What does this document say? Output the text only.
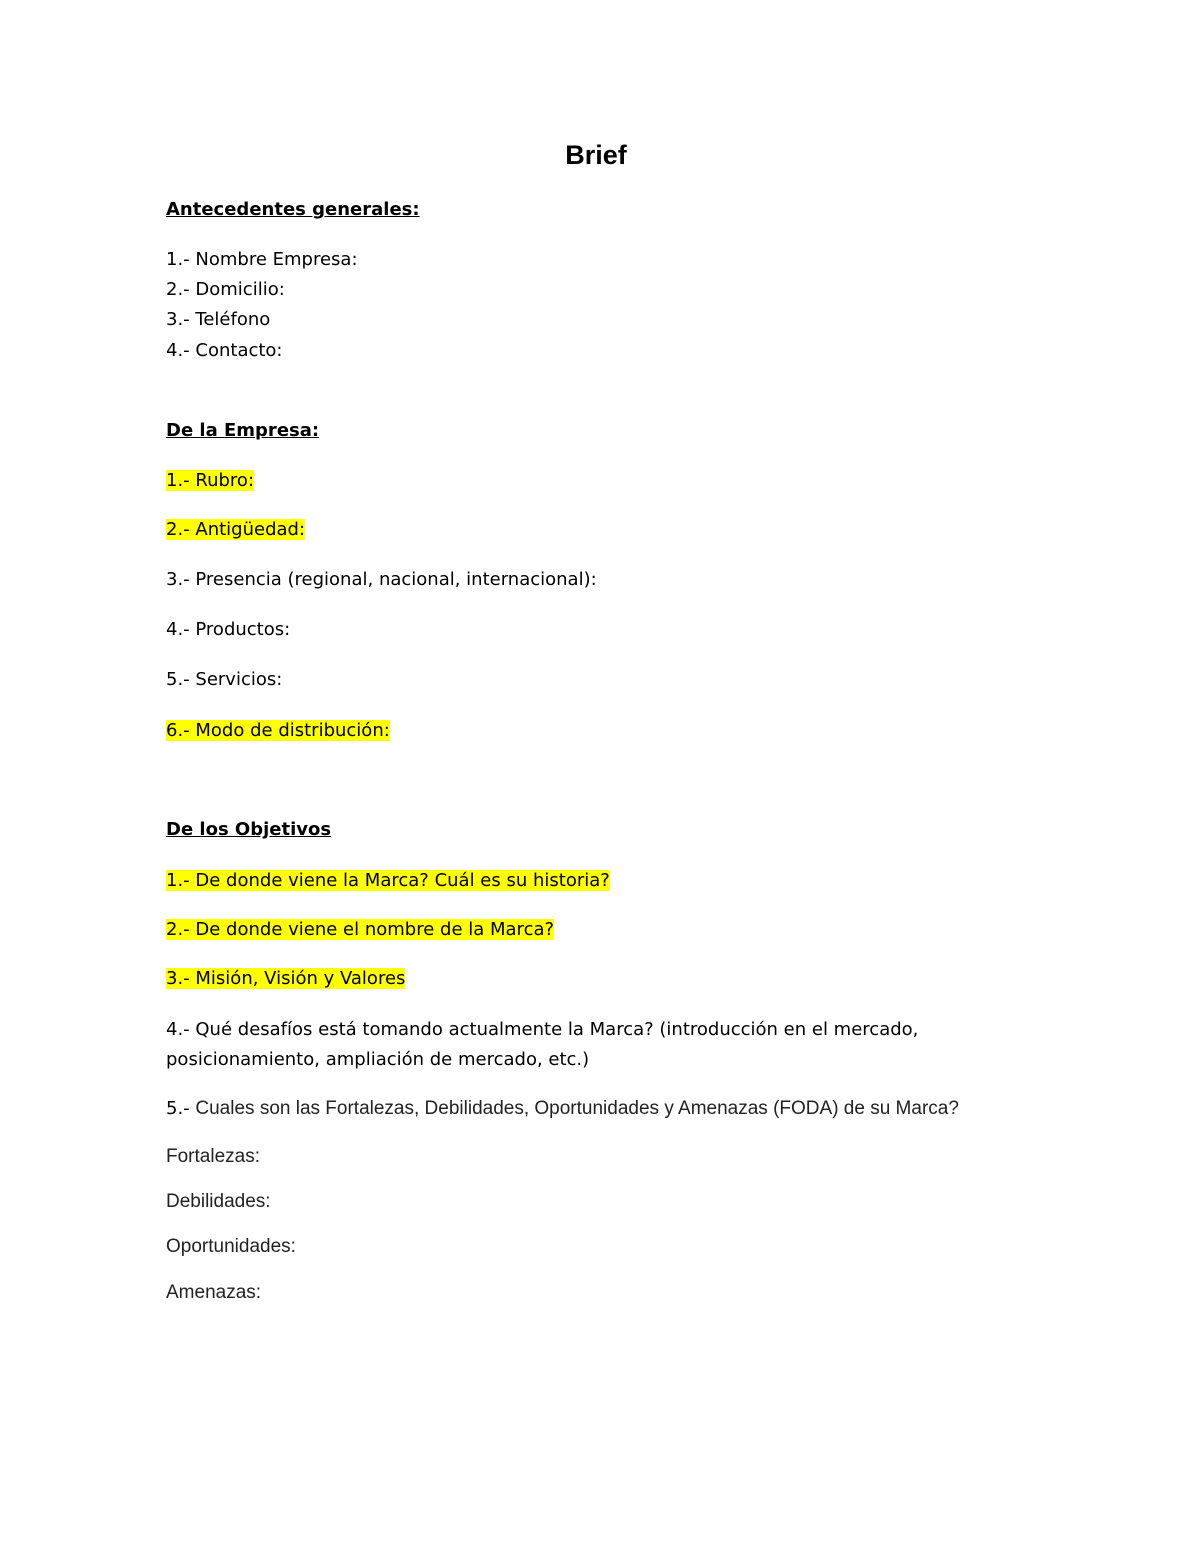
Brief
Antecedentes generales:
1.- Nombre Empresa:
2.- Domicilio:
3.- Teléfono
4.- Contacto:
De la Empresa:
1.- Rubro:
2.- Antigüedad:
3.- Presencia (regional, nacional, internacional):
4.- Productos:
5.- Servicios:
6.- Modo de distribución:
De los Objetivos
1.- De donde viene la Marca? Cuál es su historia?
2.- De donde viene el nombre de la Marca?
3.- Misión, Visión y Valores
4.- Qué desafíos está tomando actualmente la Marca? (introducción en el mercado,
posicionamiento, ampliación de mercado, etc.)
5.- Cuales son las Fortalezas, Debilidades, Oportunidades y Amenazas (FODA) de su Marca?
Fortalezas:
Debilidades:
Oportunidades:
Amenazas:
